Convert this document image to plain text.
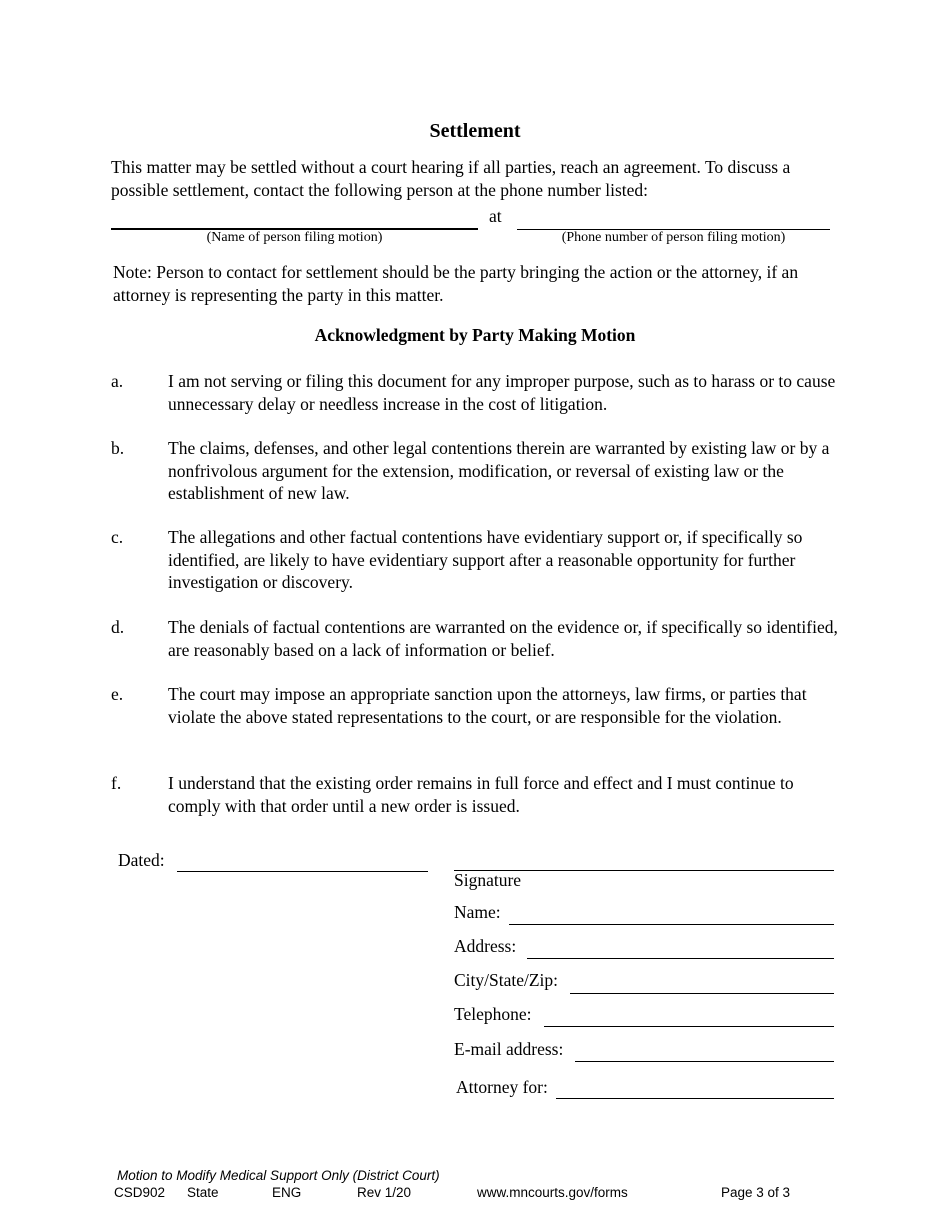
Settlement
This matter may be settled without a court hearing if all parties, reach an agreement. To discuss a possible settlement, contact the following person at the phone number listed:
at
(Name of person filing motion)	(Phone number of person filing motion)
Note: Person to contact for settlement should be the party bringing the action or the attorney, if an attorney is representing the party in this matter.
Acknowledgment by Party Making Motion
a.	I am not serving or filing this document for any improper purpose, such as to harass or to cause unnecessary delay or needless increase in the cost of litigation.
b.	The claims, defenses, and other legal contentions therein are warranted by existing law or by a nonfrivolous argument for the extension, modification, or reversal of existing law or the establishment of new law.
c.	The allegations and other factual contentions have evidentiary support or, if specifically so identified, are likely to have evidentiary support after a reasonable opportunity for further investigation or discovery.
d.	The denials of factual contentions are warranted on the evidence or, if specifically so identified, are reasonably based on a lack of information or belief.
e.	The court may impose an appropriate sanction upon the attorneys, law firms, or parties that violate the above stated representations to the court, or are responsible for the violation.
f.	I understand that the existing order remains in full force and effect and I must continue to comply with that order until a new order is issued.
Dated:
Signature
Name:
Address:
City/State/Zip:
Telephone:
E-mail address:
Attorney for:
Motion to Modify Medical Support Only (District Court)
CSD902 State	ENG	Rev 1/20	www.mncourts.gov/forms	Page 3 of 3
